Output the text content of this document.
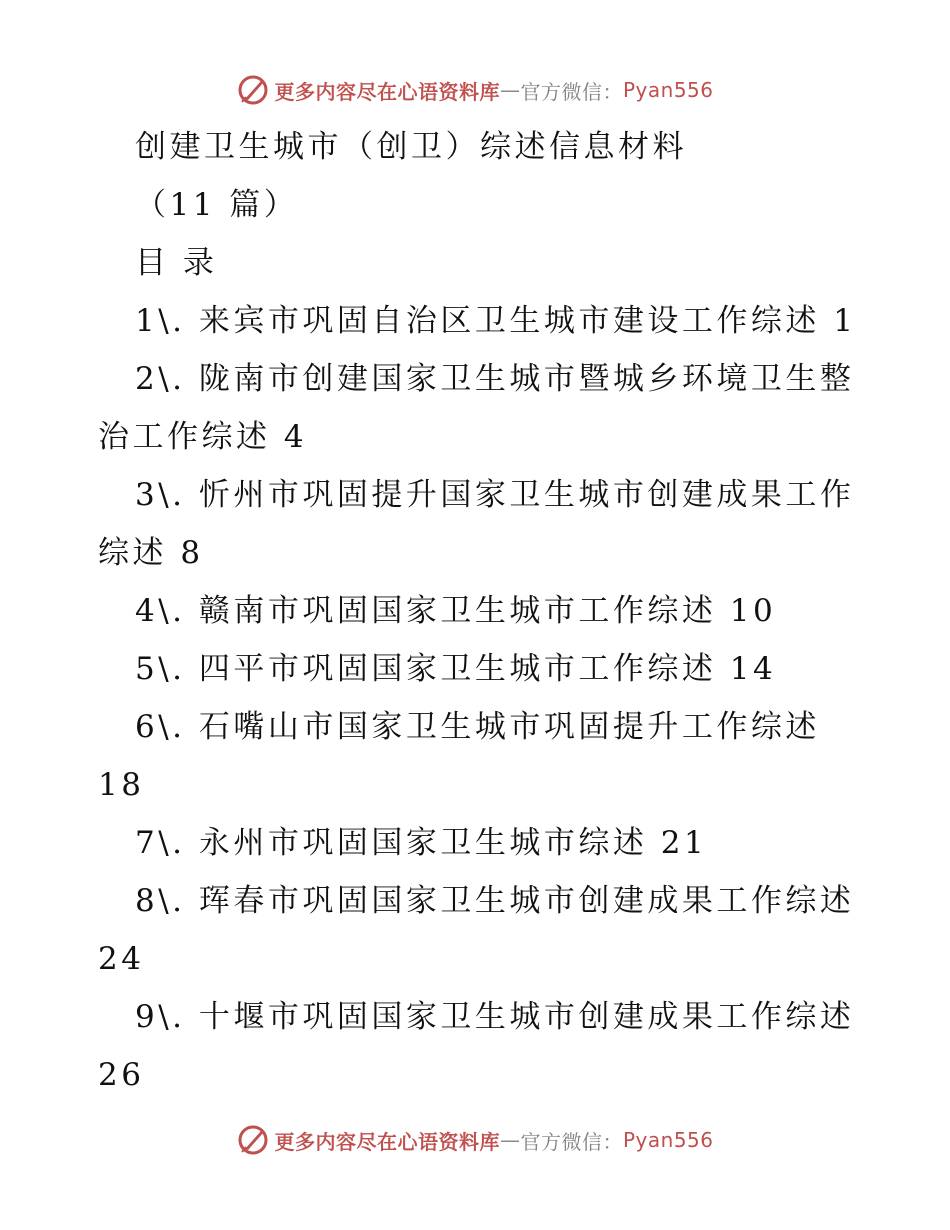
更多内容尽在心语资料库 — 官方微信： Pyan556
创建卫生城市（创卫）综述信息材料
（11 篇）
目 录
1\. 来宾市巩固自治区卫生城市建设工作综述 1
2\. 陇南市创建国家卫生城市暨城乡环境卫生整
治工作综述 4
3\. 忻州市巩固提升国家卫生城市创建成果工作
综述 8
4\. 赣南市巩固国家卫生城市工作综述 10
5\. 四平市巩固国家卫生城市工作综述 14
6\. 石嘴山市国家卫生城市巩固提升工作综述
18
7\. 永州市巩固国家卫生城市综述 21
8\. 珲春市巩固国家卫生城市创建成果工作综述
24
9\. 十堰市巩固国家卫生城市创建成果工作综述
26
更多内容尽在心语资料库 — 官方微信： Pyan556
